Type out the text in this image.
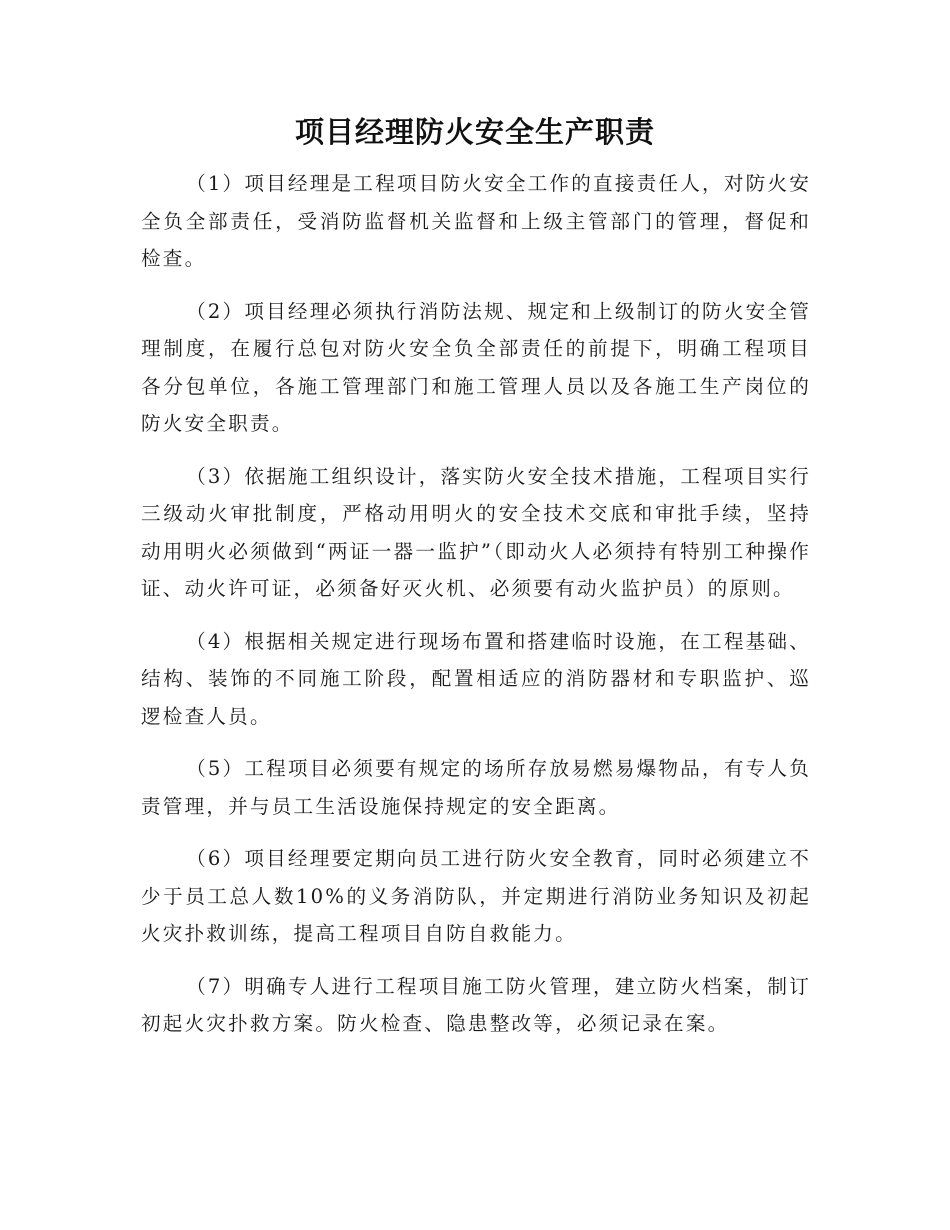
项目经理防火安全生产职责

（1）项目经理是工程项目防火安全工作的直接责任人，对防火安全负全部责任，受消防监督机关监督和上级主管部门的管理，督促和检查。

（2）项目经理必须执行消防法规、规定和上级制订的防火安全管理制度，在履行总包对防火安全负全部责任的前提下，明确工程项目各分包单位，各施工管理部门和施工管理人员以及各施工生产岗位的防火安全职责。

（3）依据施工组织设计，落实防火安全技术措施，工程项目实行三级动火审批制度，严格动用明火的安全技术交底和审批手续，坚持动用明火必须做到“两证一器一监护”（即动火人必须持有特别工种操作证、动火许可证，必须备好灭火机、必须要有动火监护员）的原则。

（4）根据相关规定进行现场布置和搭建临时设施，在工程基础、结构、装饰的不同施工阶段，配置相适应的消防器材和专职监护、巡逻检查人员。

（5）工程项目必须要有规定的场所存放易燃易爆物品，有专人负责管理，并与员工生活设施保持规定的安全距离。

（6）项目经理要定期向员工进行防火安全教育，同时必须建立不少于员工总人数10%的义务消防队，并定期进行消防业务知识及初起火灾扑救训练，提高工程项目自防自救能力。

（7）明确专人进行工程项目施工防火管理，建立防火档案，制订初起火灾扑救方案。防火检查、隐患整改等，必须记录在案。
